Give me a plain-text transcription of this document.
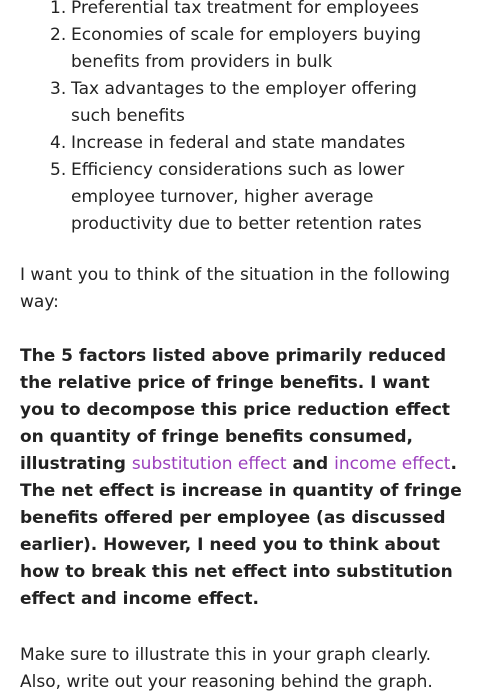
1. Preferential tax treatment for employees
2. Economies of scale for employers buying benefits from providers in bulk
3. Tax advantages to the employer offering such benefits
4. Increase in federal and state mandates
5. Efficiency considerations such as lower employee turnover, higher average productivity due to better retention rates

I want you to think of the situation in the following way:

The 5 factors listed above primarily reduced the relative price of fringe benefits. I want you to decompose this price reduction effect on quantity of fringe benefits consumed, illustrating substitution effect and income effect. The net effect is increase in quantity of fringe benefits offered per employee (as discussed earlier). However, I need you to think about how to break this net effect into substitution effect and income effect.

Make sure to illustrate this in your graph clearly. Also, write out your reasoning behind the graph.
